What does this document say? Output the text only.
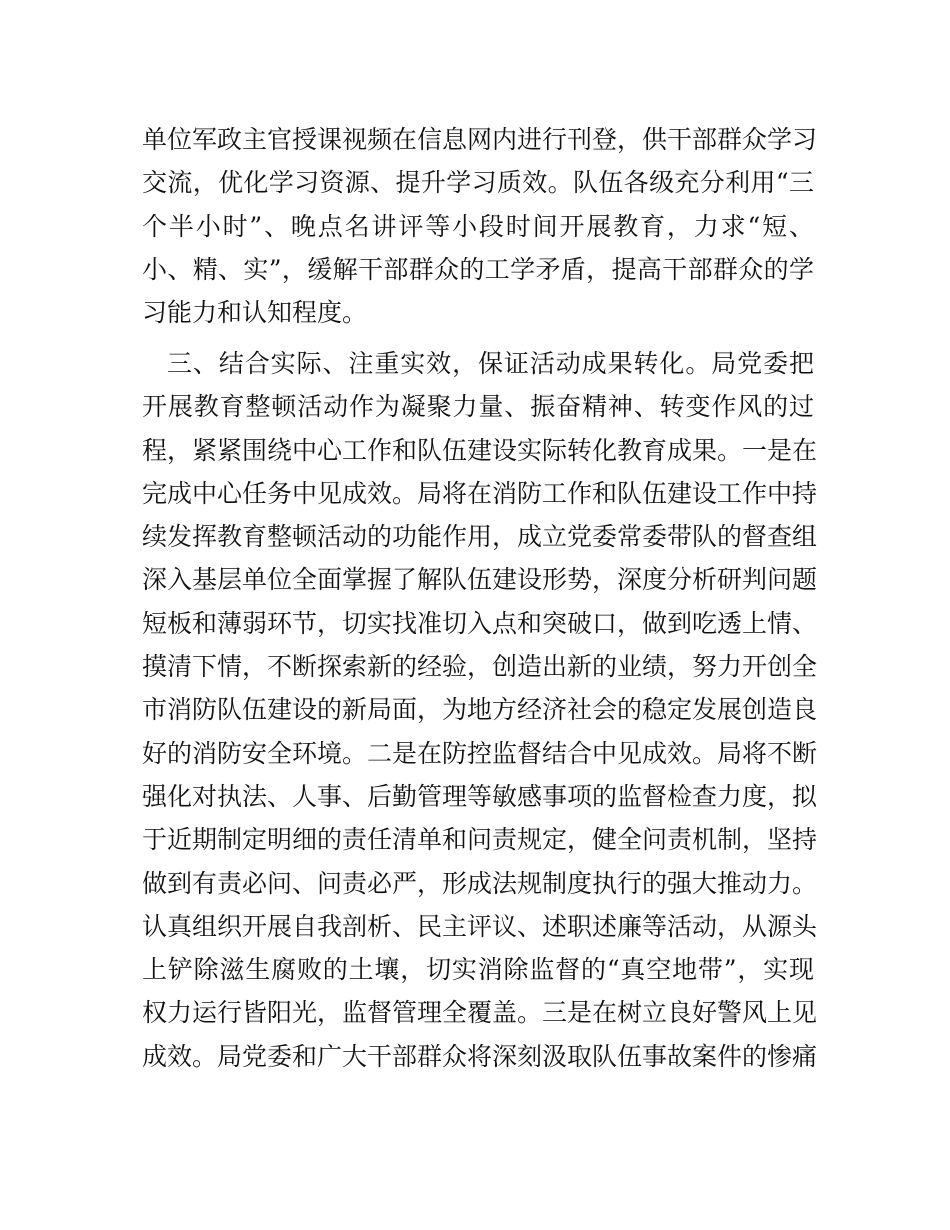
单位军政主官授课视频在信息网内进行刊登，供干部群众学习
交流，优化学习资源、提升学习质效。队伍各级充分利用“三
个半小时”、晚点名讲评等小段时间开展教育，力求“短、
小、精、实”，缓解干部群众的工学矛盾，提高干部群众的学
习能力和认知程度。
三、结合实际、注重实效，保证活动成果转化。局党委把
开展教育整顿活动作为凝聚力量、振奋精神、转变作风的过
程，紧紧围绕中心工作和队伍建设实际转化教育成果。一是在
完成中心任务中见成效。局将在消防工作和队伍建设工作中持
续发挥教育整顿活动的功能作用，成立党委常委带队的督查组
深入基层单位全面掌握了解队伍建设形势，深度分析研判问题
短板和薄弱环节，切实找准切入点和突破口，做到吃透上情、
摸清下情，不断探索新的经验，创造出新的业绩，努力开创全
市消防队伍建设的新局面，为地方经济社会的稳定发展创造良
好的消防安全环境。二是在防控监督结合中见成效。局将不断
强化对执法、人事、后勤管理等敏感事项的监督检查力度，拟
于近期制定明细的责任清单和问责规定，健全问责机制，坚持
做到有责必问、问责必严，形成法规制度执行的强大推动力。
认真组织开展自我剖析、民主评议、述职述廉等活动，从源头
上铲除滋生腐败的土壤，切实消除监督的“真空地带”，实现
权力运行皆阳光，监督管理全覆盖。三是在树立良好警风上见
成效。局党委和广大干部群众将深刻汲取队伍事故案件的惨痛
